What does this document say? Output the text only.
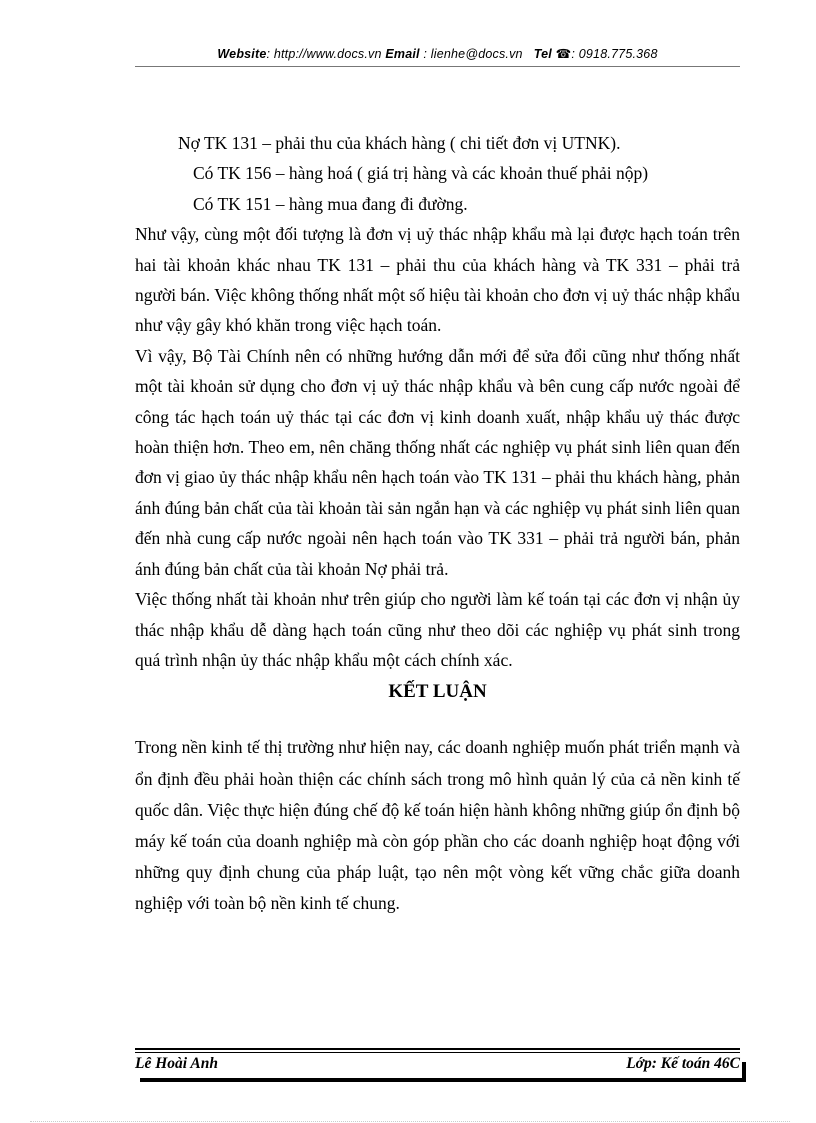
Website: http://www.docs.vn Email : lienhe@docs.vn Tel ☎: 0918.775.368

Nợ TK 131 – phải thu của khách hàng ( chi tiết đơn vị UTNK).

Có TK 156 – hàng hoá ( giá trị hàng và các khoản thuế phải nộp)

Có TK 151 – hàng mua đang đi đường.

Như vậy, cùng một đối tượng là đơn vị uỷ thác nhập khẩu mà lại được hạch toán trên hai tài khoản khác nhau TK 131 – phải thu của khách hàng và TK 331 – phải trả người bán. Việc không thống nhất một số hiệu tài khoản cho đơn vị uỷ thác nhập khẩu như vậy gây khó khăn trong việc hạch toán.

Vì vậy, Bộ Tài Chính nên có những hướng dẫn mới để sửa đổi cũng như thống nhất một tài khoản sử dụng cho đơn vị uỷ thác nhập khẩu và bên cung cấp nước ngoài để công tác hạch toán uỷ thác tại các đơn vị kinh doanh xuất, nhập khẩu uỷ thác được hoàn thiện hơn. Theo em, nên chăng thống nhất các nghiệp vụ phát sinh liên quan đến đơn vị giao ủy thác nhập khẩu nên hạch toán vào TK 131 – phải thu khách hàng, phản ánh đúng bản chất của tài khoản tài sản ngắn hạn và các nghiệp vụ phát sinh liên quan đến nhà cung cấp nước ngoài nên hạch toán vào TK 331 – phải trả người bán, phản ánh đúng bản chất của tài khoản Nợ phải trả.

Việc thống nhất tài khoản như trên giúp cho người làm kế toán tại các đơn vị nhận ủy thác nhập khẩu dễ dàng hạch toán cũng như theo dõi các nghiệp vụ phát sinh trong quá trình nhận ủy thác nhập khẩu một cách chính xác.

KẾT LUẬN

Trong nền kinh tế thị trường như hiện nay, các doanh nghiệp muốn phát triển mạnh và ổn định đều phải hoàn thiện các chính sách trong mô hình quản lý của cả nền kinh tế quốc dân. Việc thực hiện đúng chế độ kế toán hiện hành không những giúp ổn định bộ máy kế toán của doanh nghiệp mà còn góp phần cho các doanh nghiệp hoạt động với những quy định chung của pháp luật, tạo nên một vòng kết vững chắc giữa doanh nghiệp với toàn bộ nền kinh tế chung.

Lê Hoài Anh	Lớp: Kế toán 46C
